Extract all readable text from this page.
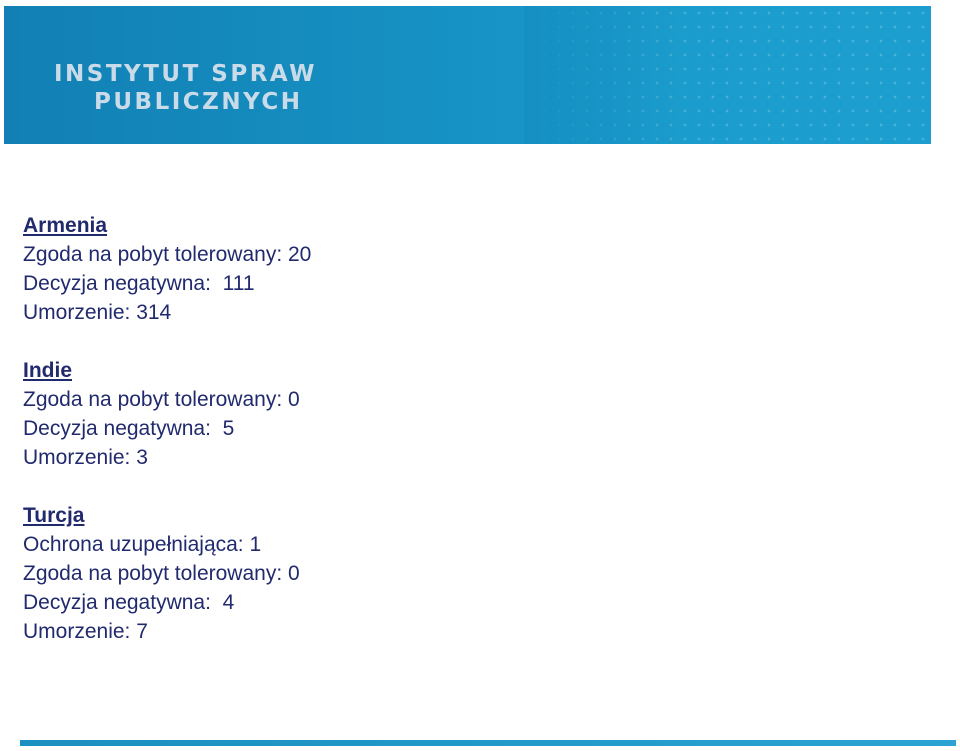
INSTYTUT SPRAW
PUBLICZNYCH
Armenia
Zgoda na pobyt tolerowany: 20
Decyzja negatywna:  111
Umorzenie: 314
Indie
Zgoda na pobyt tolerowany: 0
Decyzja negatywna:  5
Umorzenie: 3
Turcja
Ochrona uzupełniająca: 1
Zgoda na pobyt tolerowany: 0
Decyzja negatywna:  4
Umorzenie: 7
